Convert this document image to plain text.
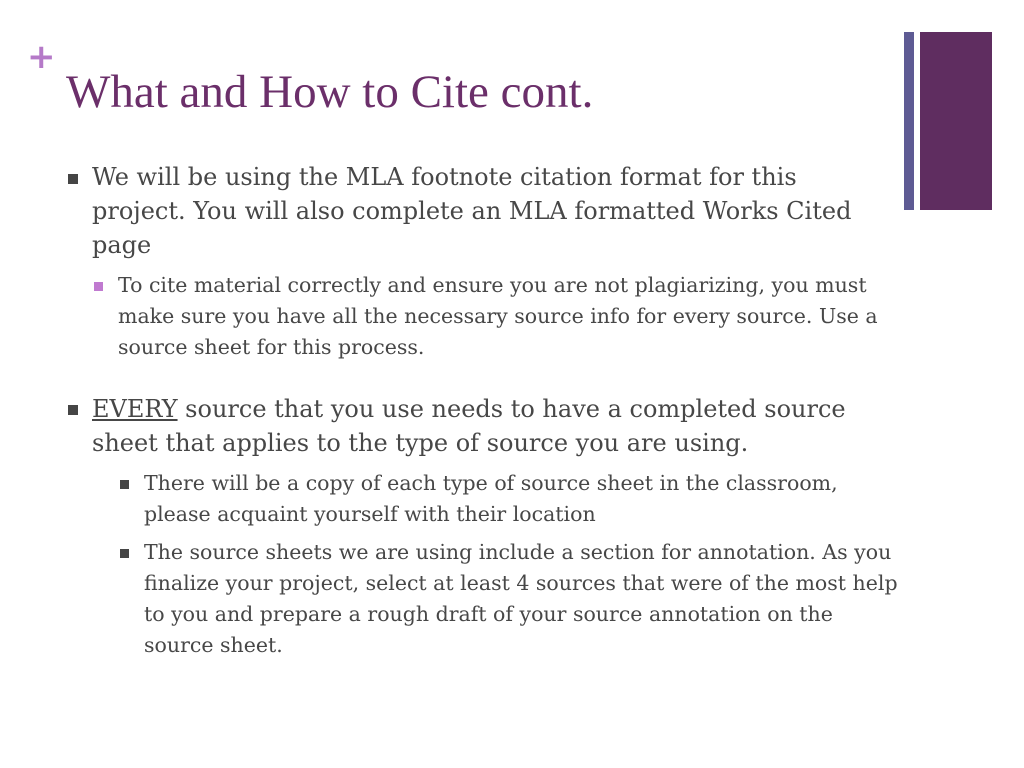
+
What and How to Cite cont.
We will be using the MLA footnote citation format for this project. You will also complete an MLA formatted Works Cited page
To cite material correctly and ensure you are not plagiarizing, you must make sure you have all the necessary source info for every source. Use a source sheet for this process.
EVERY source that you use needs to have a completed source sheet that applies to the type of source you are using.
There will be a copy of each type of source sheet in the classroom, please acquaint yourself with their location
The source sheets we are using include a section for annotation. As you finalize your project, select at least 4 sources that were of the most help to you and prepare a rough draft of your source annotation on the source sheet.
